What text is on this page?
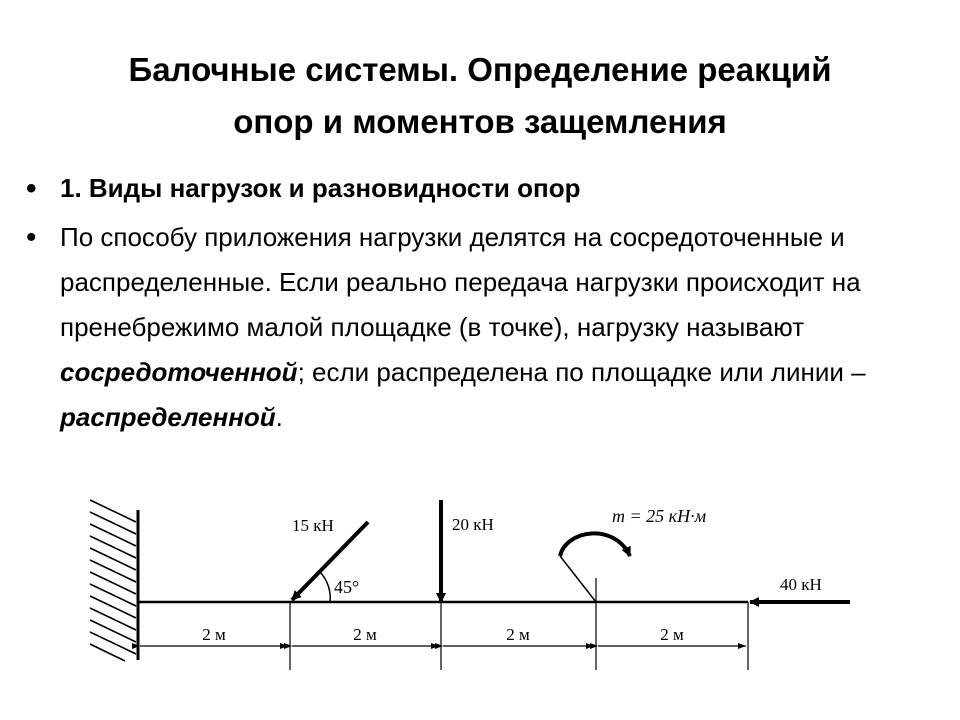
Балочные системы. Определение реакций
опор и моментов защемления
• 1. Виды нагрузок и разновидности опор
• По способу приложения нагрузки делятся на сосредоточенные и распределенные. Если реально передача нагрузки происходит на пренебрежимо малой площадке (в точке), нагрузку называют сосредоточенной; если распределена по площадке или линии – распределенной.
15 кН
45°
20 кН	m = 25 кН·м
40 кН
2 м	2 м	2 м	2 м
